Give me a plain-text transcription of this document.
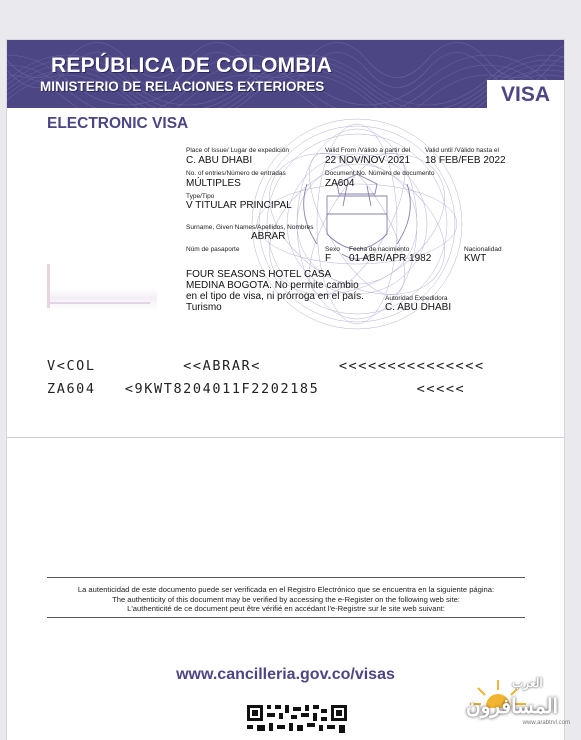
REPÚBLICA DE COLOMBIA
MINISTERIO DE RELACIONES EXTERIORES	VISA
ELECTRONIC VISA
Place of Issue/ Lugar de expedición
C. ABU DHABI
Valid From /Válido a partir del
22 NOV/NOV 2021
Valid until /Válido hasta el
18 FEB/FEB 2022
No. of entries/Número de entradas
MÚLTIPLES
Document No. Número de documento
ZA604
Type/Tipo
V TITULAR PRINCIPAL
Surname, Given Names/Apellidos, Nombres
ABRAR
Núm de pasaporte	Sexo
F
Fecha de nacimiento
01 ABR/APR 1982
Nacionalidad
KWT
FOUR SEASONS HOTEL CASA
MEDINA BOGOTA. No permite cambio
en el tipo de visa, ni prórroga en el país.
Turismo
Autoridad Expedidora
C. ABU DHABI
V<COL         <<ABRAR<        <<<<<<<<<<<<<<<
ZA604   <9KWT8204011F2202185          <<<<<
La autenticidad de este documento puede ser verificada en el Registro Electrónico que se encuentra en la siguiente página:
The authenticity of this document may be verified by accessing the e-Register on the following web site:
L'authenticité de ce document peut être vérifié en accédant l'e-Registre sur le site web suivant:
www.cancilleria.gov.co/visas	العرب
المسافرون
www.arabtrvl.com
